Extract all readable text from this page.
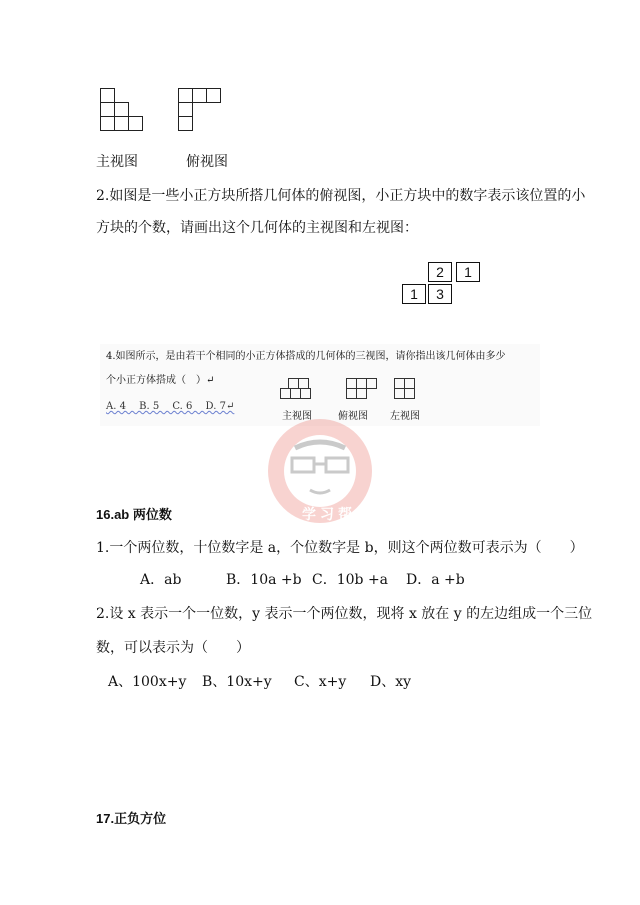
主视图	俯视图
2.如图是一些小正方块所搭几何体的俯视图，小正方块中的数字表示该位置的小
方块的个数，请画出这个几何体的主视图和左视图：
2	1
1	3
4.如图所示，是由若干个相同的小正方体搭成的几何体的三视图，请你指出该几何体由多少
个小正方体搭成（　）↵
A. 4　 B. 5　 C. 6　 D. 7↵
主视图	俯视图 左视图
学习帮
16.ab 两位数
1.一个两位数，十位数字是 a，个位数字是 b，则这个两位数可表示为（　　）
A．ab	B．10a +b C．10b +a D．a +b
2.设 x 表示一个一位数，y 表示一个两位数，现将 x 放在 y 的左边组成一个三位
数，可以表示为（　　）
A、100x+y B、10x+y C、x+y D、xy
17.正负方位
